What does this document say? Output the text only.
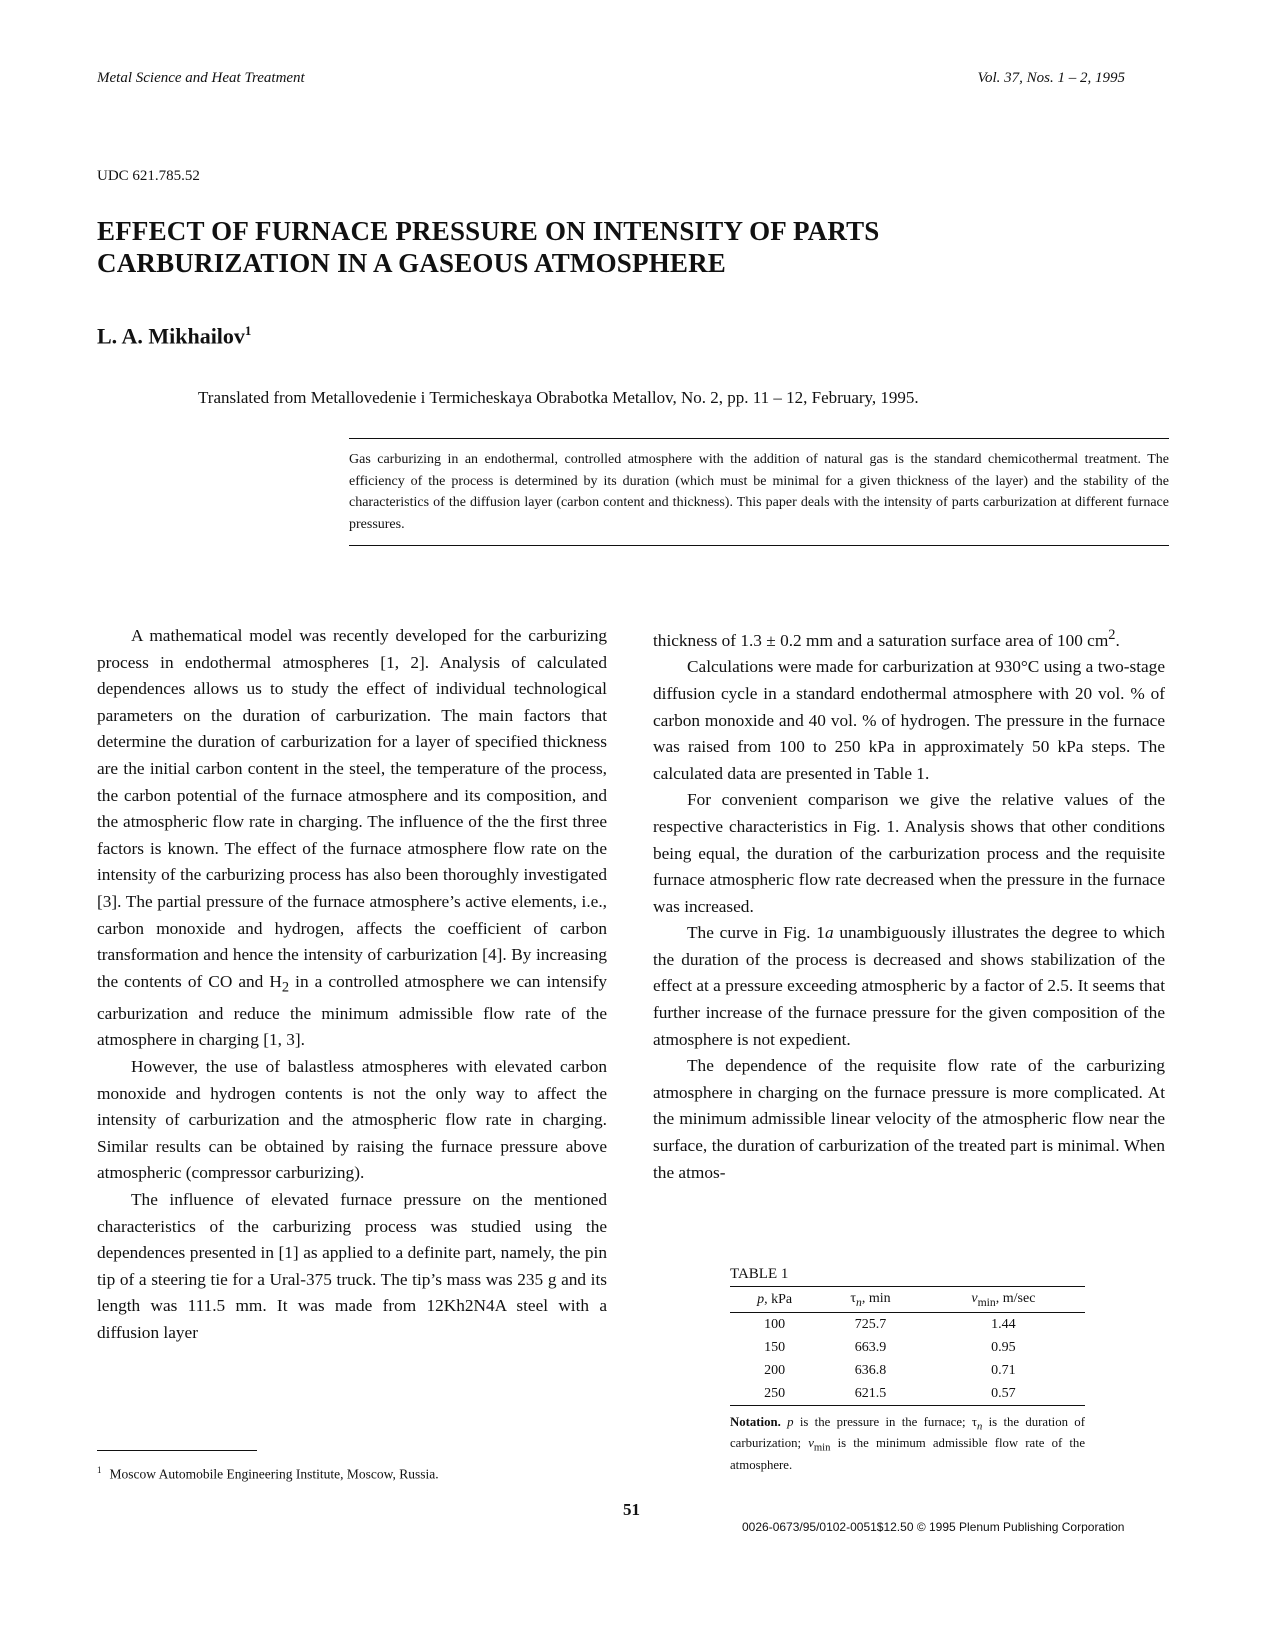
Metal Science and Heat Treatment	Vol. 37, Nos. 1 – 2, 1995
UDC 621.785.52
EFFECT OF FURNACE PRESSURE ON INTENSITY OF PARTS
CARBURIZATION IN A GASEOUS ATMOSPHERE
L. A. Mikhailov$^1$
Translated from Metallovedenie i Termicheskaya Obrabotka Metallov, No. 2, pp. 11 – 12, February, 1995.
Gas carburizing in an endothermal, controlled atmosphere with the addition of natural gas is the standard chemicothermal treatment. The efficiency of the process is determined by its duration (which must be minimal for a given thickness of the layer) and the stability of the characteristics of the diffusion layer (carbon content and thickness). This paper deals with the intensity of parts carburization at different furnace pressures.

A mathematical model was recently developed for the carburizing process in endothermal atmospheres [1, 2]. Analysis of calculated dependences allows us to study the effect of individual technological parameters on the duration of carburization. The main factors that determine the duration of carburization for a layer of specified thickness are the initial carbon content in the steel, the temperature of the process, the carbon potential of the furnace atmosphere and its composition, and the atmospheric flow rate in charging. The influence of the the first three factors is known. The effect of the furnace atmosphere flow rate on the intensity of the carburizing process has also been thoroughly investigated [3]. The partial pressure of the furnace atmosphere’s active elements, i.e., carbon monoxide and hydrogen, affects the coefficient of carbon transformation and hence the intensity of carburization [4]. By increasing the contents of CO and $H_2$ in a controlled atmosphere we can intensify carburization and reduce the minimum admissible flow rate of the atmosphere in charging [1, 3].

However, the use of balastless atmospheres with elevated carbon monoxide and hydrogen contents is not the only way to affect the intensity of carburization and the atmospheric flow rate in charging. Similar results can be obtained by raising the furnace pressure above atmospheric (compressor carburizing).

The influence of elevated furnace pressure on the mentioned characteristics of the carburizing process was studied using the dependences presented in [1] as applied to a definite part, namely, the pin tip of a steering tie for a Ural-375 truck. The tip’s mass was 235 g and its length was 111.5 mm. It was made from 12Kh2N4A steel with a diffusion layer

thickness of 1.3 ± 0.2 mm and a saturation surface area of 100 $cm^2$.

Calculations were made for carburization at 930°C using a two-stage diffusion cycle in a standard endothermal atmosphere with 20 vol. % of carbon monoxide and 40 vol. % of hydrogen. The pressure in the furnace was raised from 100 to 250 kPa in approximately 50 kPa steps. The calculated data are presented in Table 1.

For convenient comparison we give the relative values of the respective characteristics in Fig. 1. Analysis shows that other conditions being equal, the duration of the carburization process and the requisite furnace atmospheric flow rate decreased when the pressure in the furnace was increased.

The curve in Fig. 1a unambiguously illustrates the degree to which the duration of the process is decreased and shows stabilization of the effect at a pressure exceeding atmospheric by a factor of 2.5. It seems that further increase of the furnace pressure for the given composition of the atmosphere is not expedient.

The dependence of the requisite flow rate of the carburizing atmosphere in charging on the furnace pressure is more complicated. At the minimum admissible linear velocity of the atmospheric flow near the surface, the duration of carburization of the treated part is minimal. When the atmos-

TABLE 1
p, kPa	$\tau_n$, min	$v_{min}$, m/sec
100	725.7	1.44
150	663.9	0.95
200	636.8	0.71
250	621.5	0.57
Notation. p is the pressure in the furnace; $\tau_n$ is the duration of carburization; $v_{min}$ is the minimum admissible flow rate of the atmosphere.
$^1$ Moscow Automobile Engineering Institute, Moscow, Russia.
51
0026-0673/95/0102-0051$12.50 © 1995 Plenum Publishing Corporation
